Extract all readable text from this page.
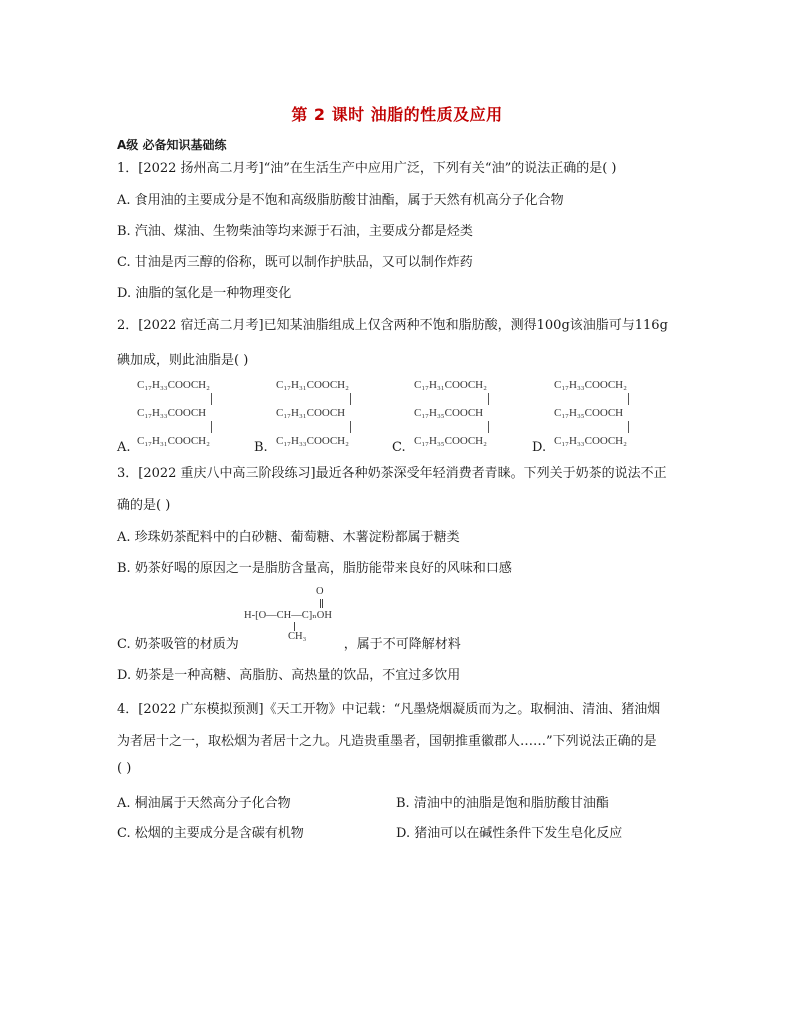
第 2 课时 油脂的性质及应用
A级 必备知识基础练
1．[2022 扬州高二月考]“油”在生活生产中应用广泛，下列有关“油”的说法正确的是( )
A. 食用油的主要成分是不饱和高级脂肪酸甘油酯，属于天然有机高分子化合物
B. 汽油、煤油、生物柴油等均来源于石油，主要成分都是烃类
C. 甘油是丙三醇的俗称，既可以制作护肤品，又可以制作炸药
D. 油脂的氢化是一种物理变化
2．[2022 宿迁高二月考]已知某油脂组成上仅含两种不饱和脂肪酸，测得100g该油脂可与116g
碘加成，则此油脂是( )
A.
C₁₇H₃₃COOCH₂
C₁₇H₃₃COOCH
C₁₇H₃₁COOCH₂	B.
C₁₇H₃₁COOCH₂
C₁₇H₃₁COOCH
C₁₇H₃₃COOCH₂	C.
C₁₇H₃₁COOCH₂
C₁₇H₃₅COOCH
C₁₇H₃₅COOCH₂	D.
C₁₇H₃₃COOCH₂
C₁₇H₃₅COOCH
C₁₇H₃₃COOCH₂
3．[2022 重庆八中高三阶段练习]最近各种奶茶深受年轻消费者青睐。下列关于奶茶的说法不正
确的是( )
A. 珍珠奶茶配料中的白砂糖、葡萄糖、木薯淀粉都属于糖类
B. 奶茶好喝的原因之一是脂肪含量高，脂肪能带来良好的风味和口感
O
H-[O—CH—C]ₙOH
CH₃
C. 奶茶吸管的材质为	，属于不可降解材料
D. 奶茶是一种高糖、高脂肪、高热量的饮品，不宜过多饮用
4．[2022 广东模拟预测]《天工开物》中记载：“凡墨烧烟凝质而为之。取桐油、清油、猪油烟
为者居十之一，取松烟为者居十之九。凡造贵重墨者，国朝推重徽郡人……”下列说法正确的是
( )
A. 桐油属于天然高分子化合物	B. 清油中的油脂是饱和脂肪酸甘油酯
C. 松烟的主要成分是含碳有机物	D. 猪油可以在碱性条件下发生皂化反应
